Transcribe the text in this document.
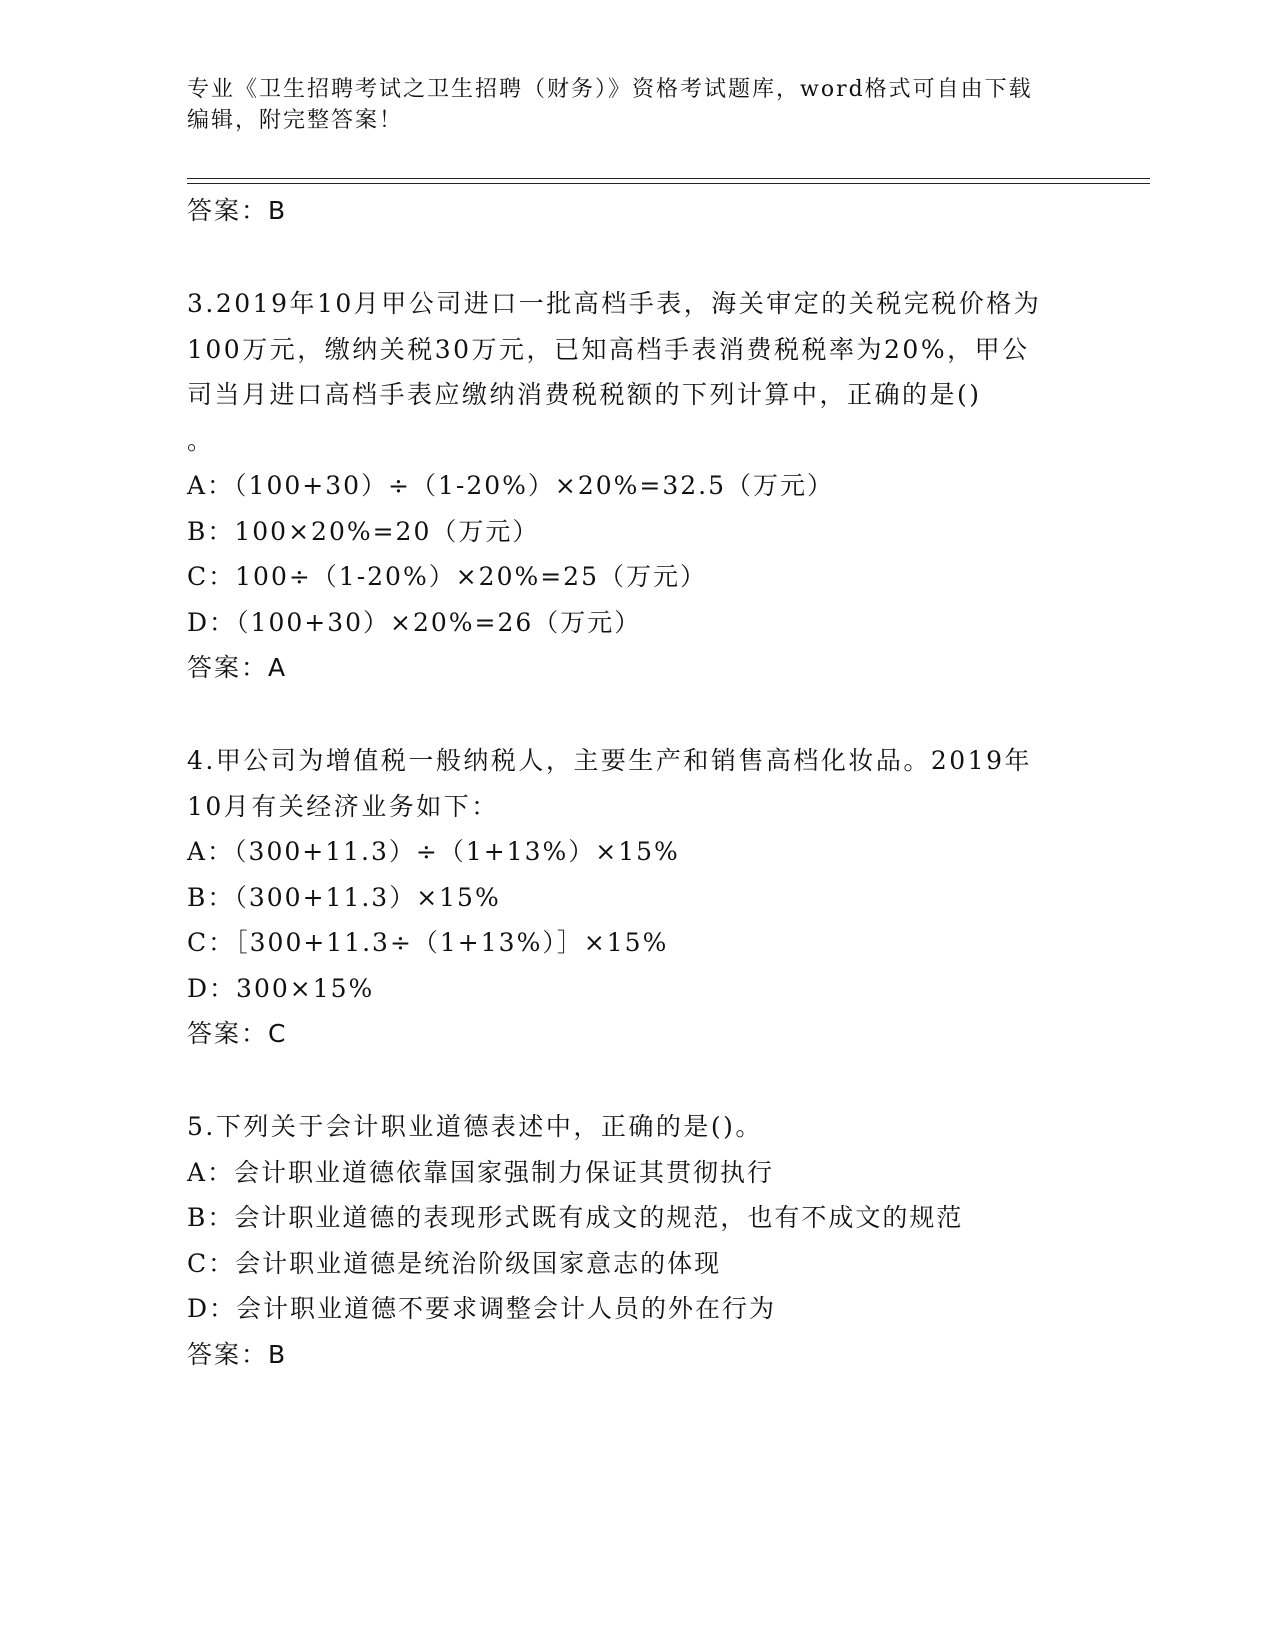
专业《卫生招聘考试之卫生招聘（财务）》资格考试题库，word格式可自由下载
编辑，附完整答案！
答案：B
3.2019年10月甲公司进口一批高档手表，海关审定的关税完税价格为
100万元，缴纳关税30万元，已知高档手表消费税税率为20%，甲公
司当月进口高档手表应缴纳消费税税额的下列计算中，正确的是()
。
A：（100+30）÷（1-20%）×20%=32.5（万元）
B：100×20%=20（万元）
C：100÷（1-20%）×20%=25（万元）
D：（100+30）×20%=26（万元）
答案：A
4.甲公司为增值税一般纳税人，主要生产和销售高档化妆品。2019年
10月有关经济业务如下：
A：（300+11.3）÷（1+13%）×15%
B：（300+11.3）×15%
C：［300+11.3÷（1+13%）］×15%
D：300×15%
答案：C
5.下列关于会计职业道德表述中，正确的是()。
A：会计职业道德依靠国家强制力保证其贯彻执行
B：会计职业道德的表现形式既有成文的规范，也有不成文的规范
C：会计职业道德是统治阶级国家意志的体现
D：会计职业道德不要求调整会计人员的外在行为
答案：B
